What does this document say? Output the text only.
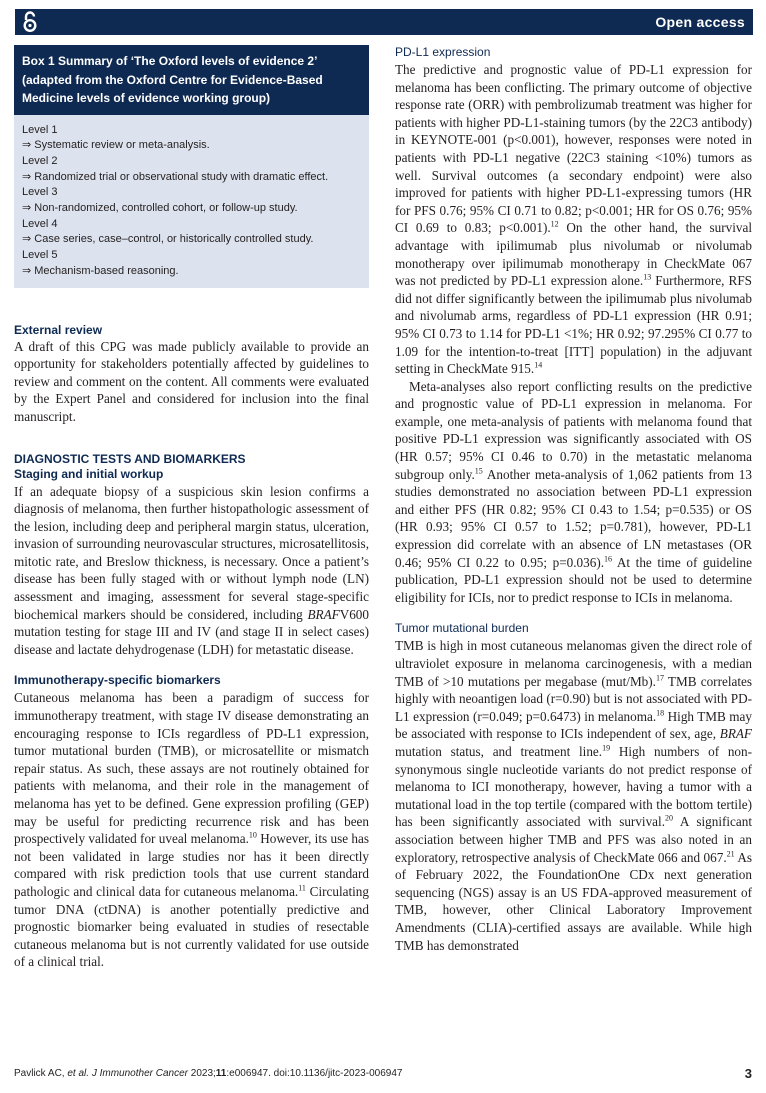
Open access
Box 1 Summary of ‘The Oxford levels of evidence 2’ (adapted from the Oxford Centre for Evidence-Based Medicine levels of evidence working group)
Level 1
⇒ Systematic review or meta-analysis.
Level 2
⇒ Randomized trial or observational study with dramatic effect.
Level 3
⇒ Non-randomized, controlled cohort, or follow-up study.
Level 4
⇒ Case series, case–control, or historically controlled study.
Level 5
⇒ Mechanism-based reasoning.
External review

A draft of this CPG was made publicly available to provide an opportunity for stakeholders potentially affected by guidelines to review and comment on the content. All comments were evaluated by the Expert Panel and considered for inclusion into the final manuscript.

DIAGNOSTIC TESTS AND BIOMARKERS
Staging and initial workup

If an adequate biopsy of a suspicious skin lesion confirms a diagnosis of melanoma, then further histopathologic assessment of the lesion, including deep and peripheral margin status, ulceration, invasion of surrounding neurovascular structures, microsatellitosis, mitotic rate, and Breslow thickness, is necessary. Once a patient’s disease has been fully staged with or without lymph node (LN) assessment and imaging, assessment for several stage-specific biochemical markers should be considered, including BRAFV600 mutation testing for stage III and IV (and stage II in select cases) disease and lactate dehydrogenase (LDH) for metastatic disease.

Immunotherapy-specific biomarkers

Cutaneous melanoma has been a paradigm of success for immunotherapy treatment, with stage IV disease demonstrating an encouraging response to ICIs regardless of PD-L1 expression, tumor mutational burden (TMB), or microsatellite or mismatch repair status. As such, these assays are not routinely obtained for patients with melanoma, and their role in the management of melanoma has yet to be defined. Gene expression profiling (GEP) may be useful for predicting recurrence risk and has been prospectively validated for uveal melanoma.$^{10}$ However, its use has not been validated in large studies nor has it been directly compared with risk prediction tools that use current standard pathologic and clinical data for cutaneous melanoma.$^{11}$ Circulating tumor DNA (ctDNA) is another potentially predictive and prognostic biomarker being evaluated in studies of resectable cutaneous melanoma but is not currently validated for use outside of a clinical trial.

PD-L1 expression

The predictive and prognostic value of PD-L1 expression for melanoma has been conflicting. The primary outcome of objective response rate (ORR) with pembrolizumab treatment was higher for patients with higher PD-L1-staining tumors (by the 22C3 antibody) in KEYNOTE-001 (p<0.001), however, responses were noted in patients with PD-L1 negative (22C3 staining <10%) tumors as well. Survival outcomes (a secondary endpoint) were also improved for patients with higher PD-L1-expressing tumors (HR for PFS 0.76; 95% CI 0.71 to 0.82; p<0.001; HR for OS 0.76; 95% CI 0.69 to 0.83; p<0.001).$^{12}$ On the other hand, the survival advantage with ipilimumab plus nivolumab or nivolumab monotherapy over ipilimumab monotherapy in CheckMate 067 was not predicted by PD-L1 expression alone.$^{13}$ Furthermore, RFS did not differ significantly between the ipilimumab plus nivolumab and nivolumab arms, regardless of PD-L1 expression (HR 0.91; 95% CI 0.73 to 1.14 for PD-L1 <1%; HR 0.92; 97.295% CI 0.77 to 1.09 for the intention-to-treat [ITT] population) in the adjuvant setting in CheckMate 915.14

Meta-analyses also report conflicting results on the predictive and prognostic value of PD-L1 expression in melanoma. For example, one meta-analysis of patients with melanoma found that positive PD-L1 expression was significantly associated with OS (HR 0.57; 95% CI 0.46 to 0.70) in the metastatic melanoma subgroup only.$^{15}$ Another meta-analysis of 1,062 patients from 13 studies demonstrated no association between PD-L1 expression and either PFS (HR 0.82; 95% CI 0.43 to 1.54; p=0.535) or OS (HR 0.93; 95% CI 0.57 to 1.52; p=0.781), however, PD-L1 expression did correlate with an absence of LN metastases (OR 0.46; 95% CI 0.22 to 0.95; p=0.036).$^{16}$ At the time of guideline publication, PD-L1 expression should not be used to determine eligibility for ICIs, nor to predict response to ICIs in melanoma.

Tumor mutational burden

TMB is high in most cutaneous melanomas given the direct role of ultraviolet exposure in melanoma carcinogenesis, with a median TMB of >10 mutations per megabase (mut/Mb).$^{17}$ TMB correlates highly with neoantigen load (r=0.90) but is not associated with PD-L1 expression (r=0.049; p=0.6473) in melanoma.$^{18}$ High TMB may be associated with response to ICIs independent of sex, age, BRAF mutation status, and treatment line.$^{19}$ High numbers of non-synonymous single nucleotide variants do not predict response of melanoma to ICI monotherapy, however, having a tumor with a mutational load in the top tertile (compared with the bottom tertile) has been significantly associated with survival.$^{20}$ A significant association between higher TMB and PFS was also noted in an exploratory, retrospective analysis of CheckMate 066 and 067.21 As of February 2022, the FoundationOne CDx next generation sequencing (NGS) assay is an US FDA-approved measurement of TMB, however, other Clinical Laboratory Improvement Amendments (CLIA)-certified assays are available. While high TMB has demonstrated

Pavlick AC, et al. J Immunother Cancer 2023;11:e006947. doi:10.1136/jitc-2023-006947	3
